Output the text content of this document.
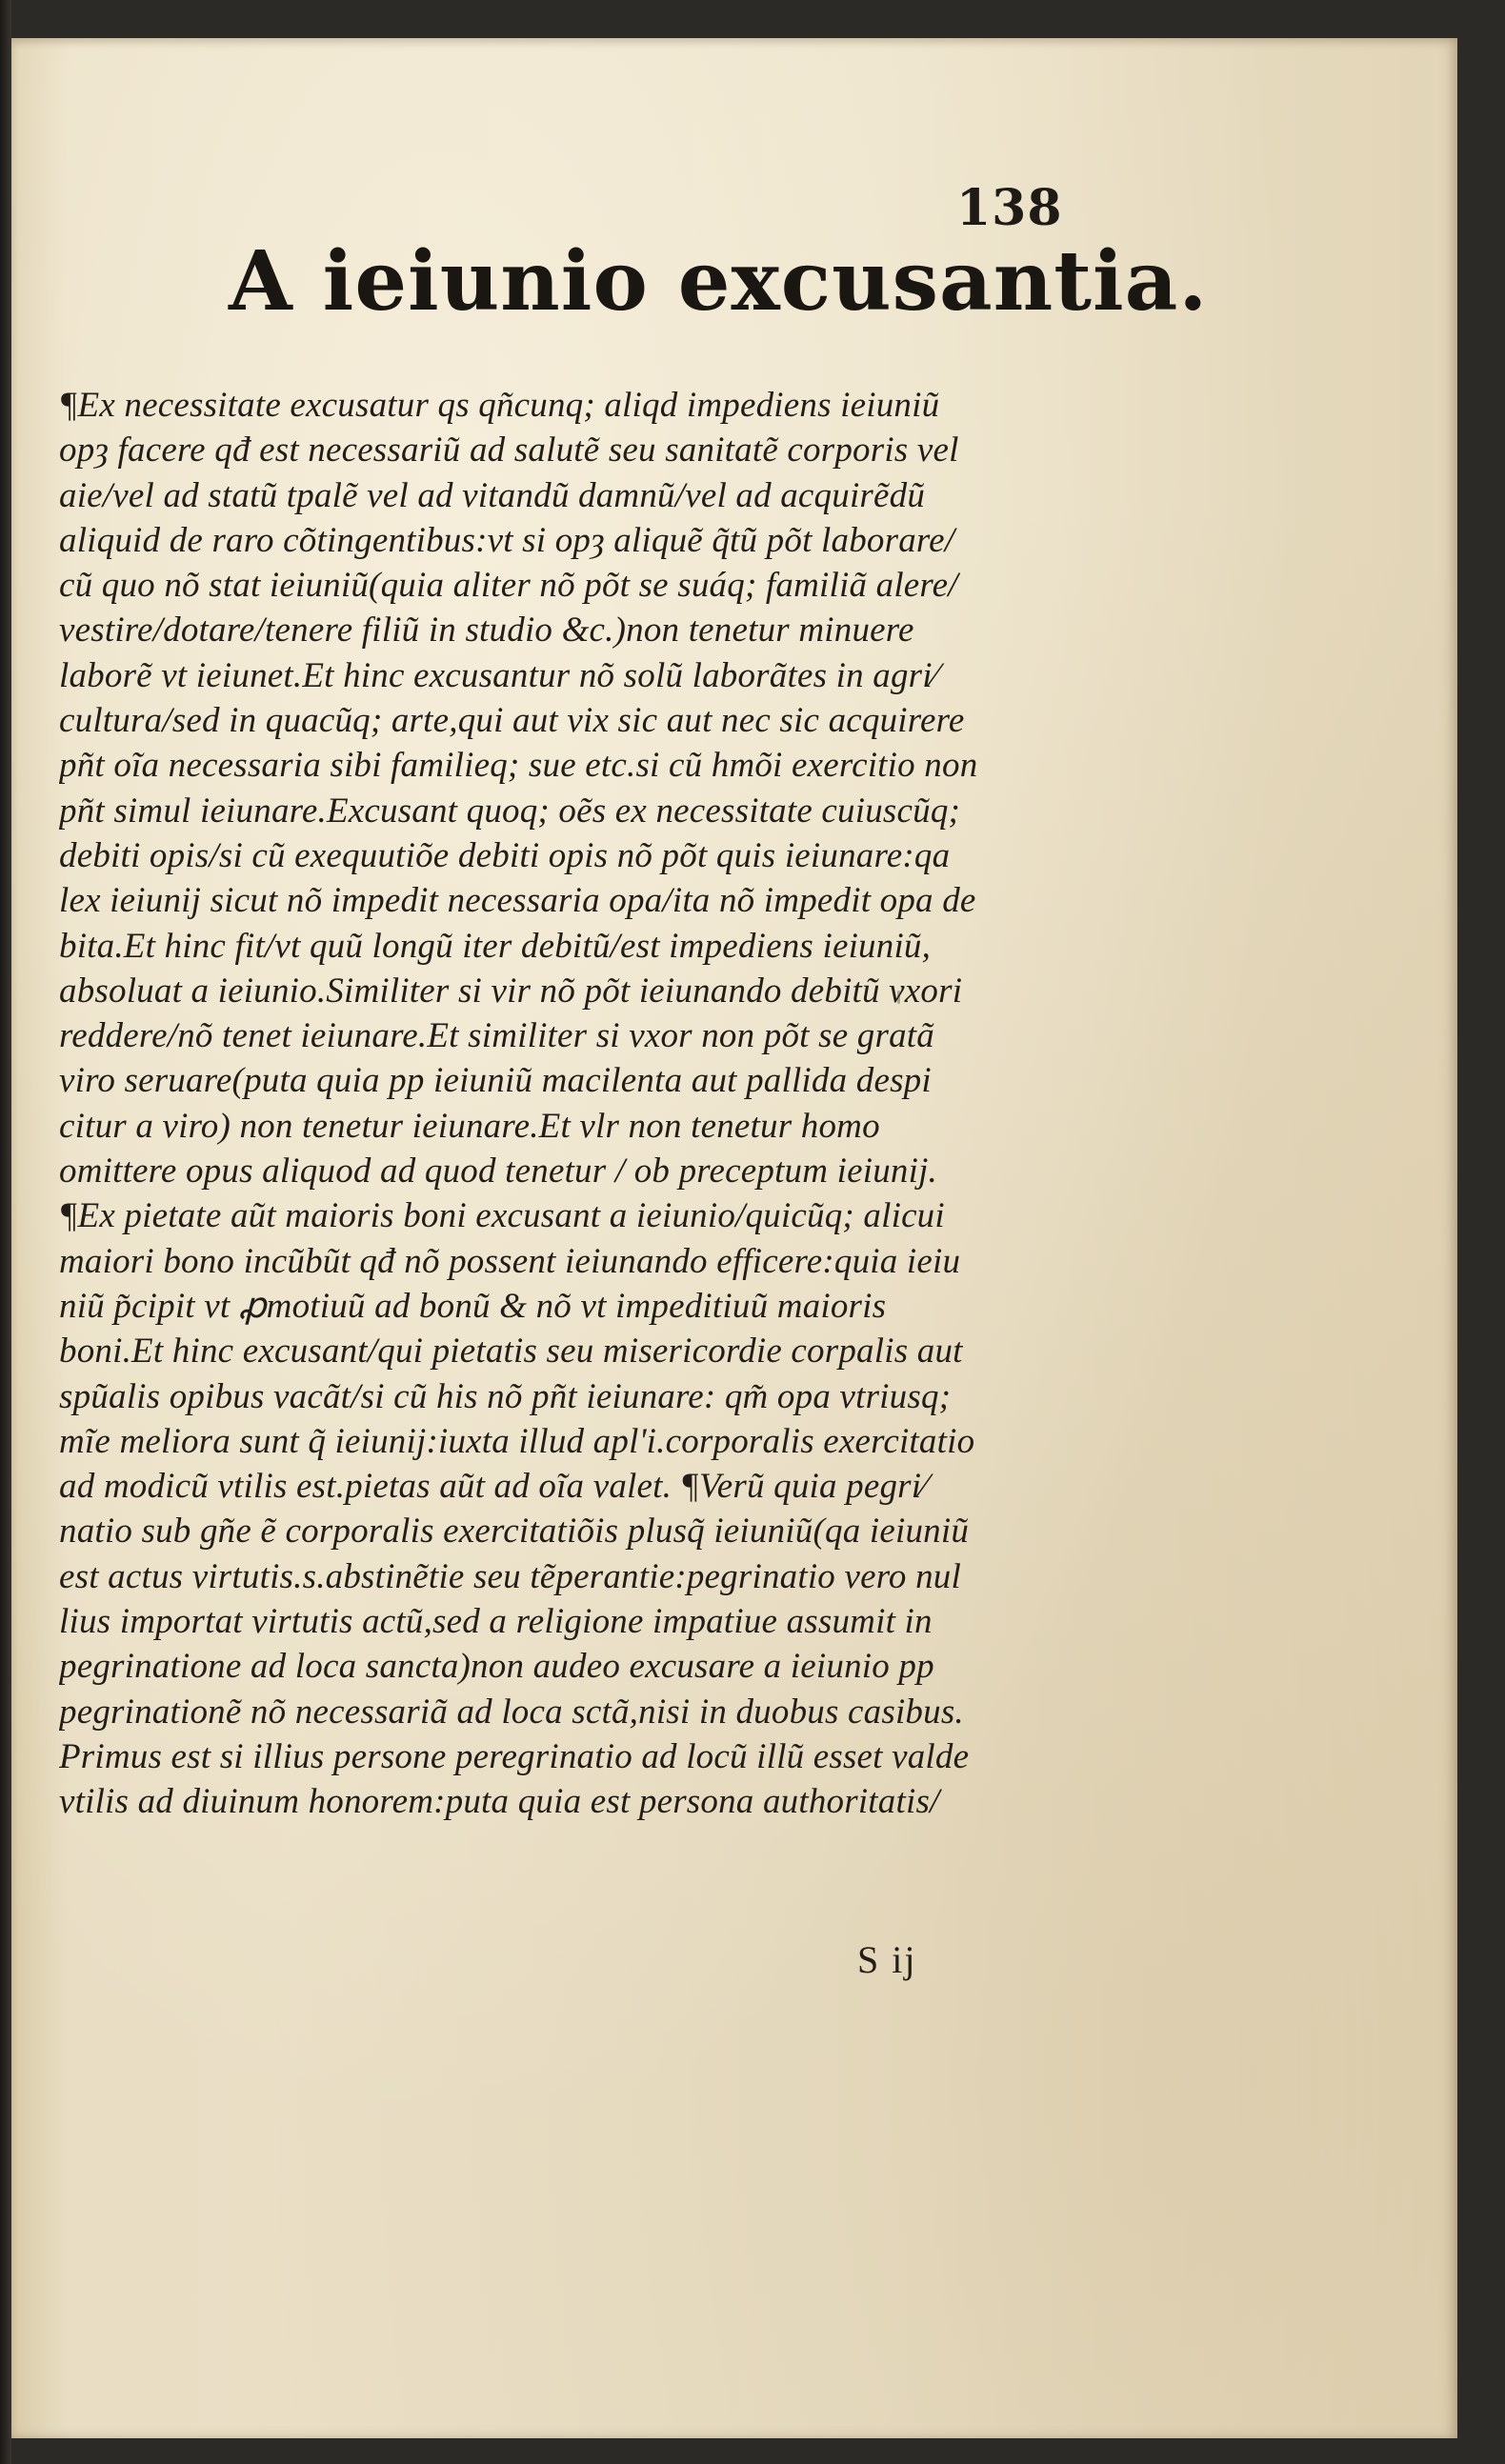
138
A ieiunio excusantia.
¶Ex necessitate excusatur qs qñcunq; aliqd impediens ieiuniũ
opȝ facere qđ est necessariũ ad salutẽ seu sanitatẽ corporis vel
aie/vel ad statũ tpalẽ vel ad vitandũ damnũ/vel ad acquirẽdũ
aliquid de raro cõtingentibus:vt si opȝ aliquẽ q̃tũ põt laborare/
cũ quo nõ stat ieiuniũ(quia aliter nõ põt se suáq; familiã alere/
vestire/dotare/tenere filiũ in studio &c.)non tenetur minuere
laborẽ vt ieiunet.Et hinc excusantur nõ solũ laborãtes in agri⁄
cultura/sed in quacũq; arte,qui aut vix sic aut nec sic acquirere
pñt oĩa necessaria sibi familieq; sue etc.si cũ hmõi exercitio non
pñt simul ieiunare.Excusant quoq; oẽs ex necessitate cuiuscũq;
debiti opis/si cũ exequutiõe debiti opis nõ põt quis ieiunare:qa
lex ieiunij sicut nõ impedit necessaria opa/ita nõ impedit opa de
bita.Et hinc fit/vt quũ longũ iter debitũ/est impediens ieiuniũ,
absoluat a ieiunio.Similiter si vir nõ põt ieiunando debitũ vxori
reddere/nõ tenet ieiunare.Et similiter si vxor non põt se gratã
viro seruare(puta quia pp ieiuniũ macilenta aut pallida despi
citur a viro) non tenetur ieiunare.Et vlr non tenetur homo
omittere opus aliquod ad quod tenetur / ob preceptum ieiunij.
¶Ex pietate aũt maioris boni excusant a ieiunio/quicũq; alicui
maiori bono incũbũt qđ nõ possent ieiunando efficere:quia ieiu
niũ p̃cipit vt ꝓmotiuũ ad bonũ & nõ vt impeditiuũ maioris
boni.Et hinc excusant/qui pietatis seu misericordie corpalis aut
spũalis opibus vacãt/si cũ his nõ pñt ieiunare: qm̃ opa vtriusq;
mĩe meliora sunt q̃ ieiunij:iuxta illud apl'i.corporalis exercitatio
ad modicũ vtilis est.pietas aũt ad oĩa valet. ¶Verũ quia pegri⁄
natio sub gñe ẽ corporalis exercitatiõis plusq̃ ieiuniũ(qa ieiuniũ
est actus virtutis.s.abstinẽtie seu tẽperantie:pegrinatio vero nul
lius importat virtutis actũ,sed a religione impatiue assumit in
pegrinatione ad loca sancta)non audeo excusare a ieiunio pp
pegrinationẽ nõ necessariã ad loca sctã,nisi in duobus casibus.
Primus est si illius persone peregrinatio ad locũ illũ esset valde
vtilis ad diuinum honorem:puta quia est persona authoritatis/
S ij
